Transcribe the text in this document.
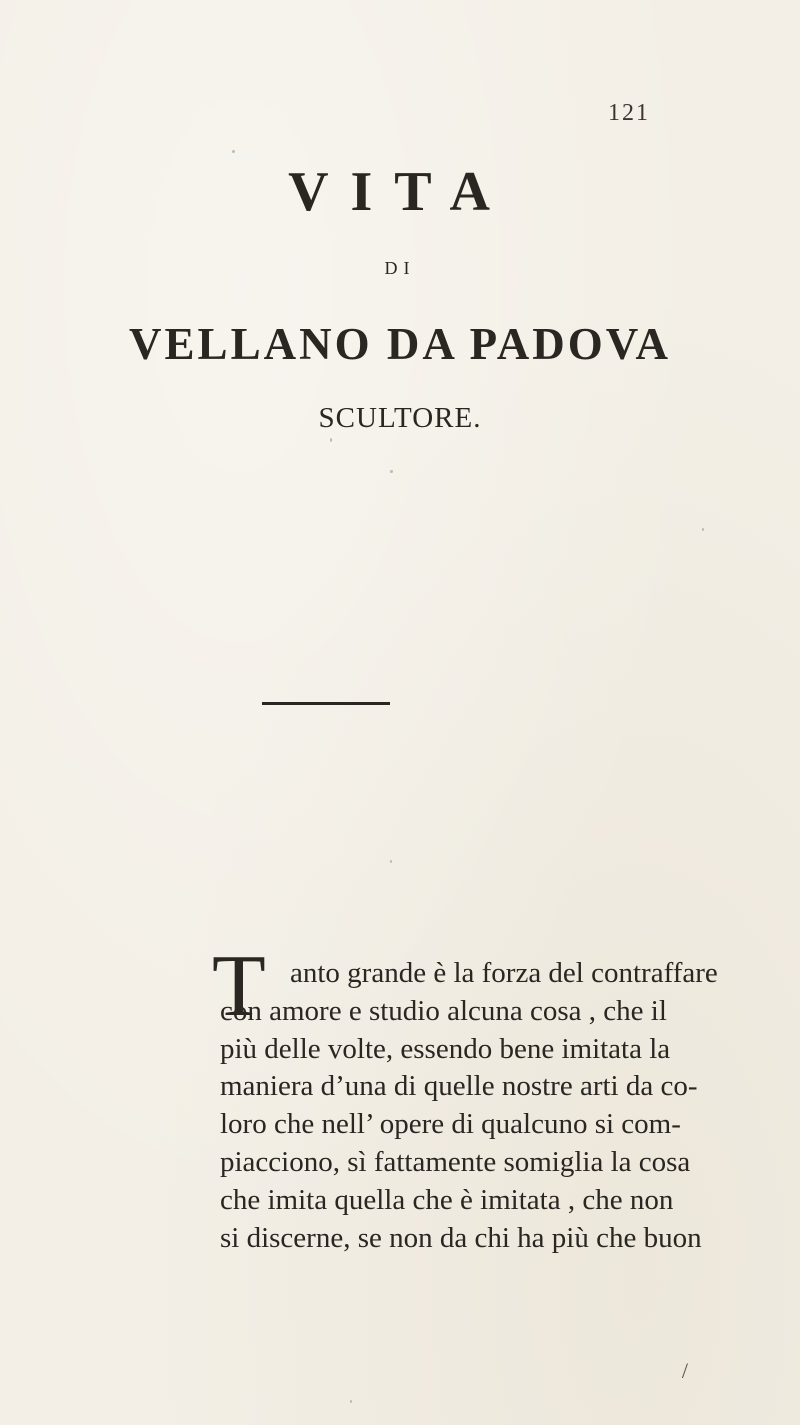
121
VITA
DI
VELLANO DA PADOVA
SCULTORE.
T anto grande è la forza del contraffare
con amore e studio alcuna cosa , che il
più delle volte, essendo bene imitata la
maniera d’una di quelle nostre arti da co-
loro che nell’ opere di qualcuno si com-
piacciono, sì fattamente somiglia la cosa
che imita quella che è imitata , che non
si discerne, se non da chi ha più che buon
/
